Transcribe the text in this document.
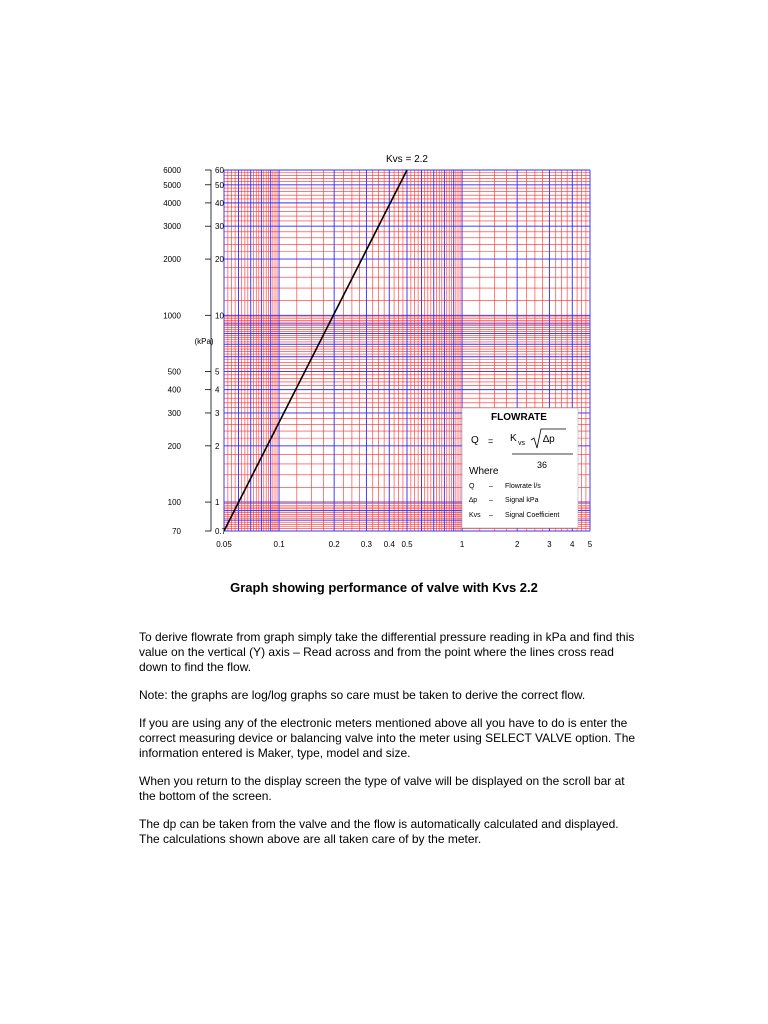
Kvs = 2.2
60
6000
50
5000
40
4000
30
3000
20
2000
10
1000
5
500
4
400
3
300
2
200
1
100
0.7
70
(kPa)
0.05	0.1	0.2	0.3 0.4 0.5	1	2	3 4 5
FLOWRATE
Q = K vs ∆p
36
Where
Q – Flowrate l/s
∆p – Signal kPa
Kvs – Signal Coefficient
Graph showing performance of valve with Kvs 2.2

To derive flowrate from graph simply take the differential pressure reading in kPa and find this value on the vertical (Y) axis – Read across and from the point where the lines cross read down to find the flow.

Note: the graphs are log/log graphs so care must be taken to derive the correct flow.

If you are using any of the electronic meters mentioned above all you have to do is enter the correct measuring device or balancing valve into the meter using SELECT VALVE option. The information entered is Maker, type, model and size.

When you return to the display screen the type of valve will be displayed on the scroll bar at the bottom of the screen.

The dp can be taken from the valve and the flow is automatically calculated and displayed. The calculations shown above are all taken care of by the meter.
